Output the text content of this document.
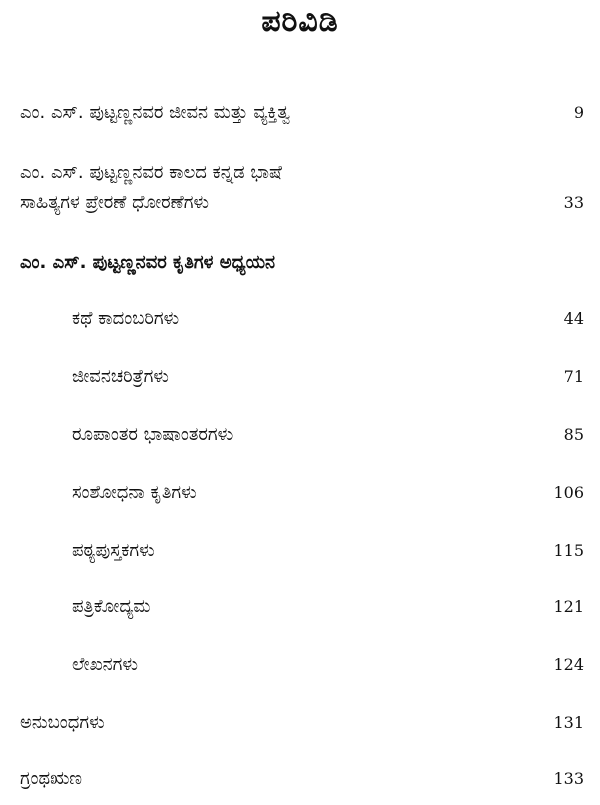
ಪರಿವಿಡಿ
ಎಂ. ಎಸ್. ಪುಟ್ಟಣ್ಣನವರ ಜೀವನ ಮತ್ತು ವ್ಯಕ್ತಿತ್ವ	9
ಎಂ. ಎಸ್. ಪುಟ್ಟಣ್ಣನವರ ಕಾಲದ ಕನ್ನಡ ಭಾಷೆ
ಸಾಹಿತ್ಯಗಳ ಪ್ರೇರಣೆ ಧೋರಣೆಗಳು	33
ಎಂ. ಎಸ್. ಪುಟ್ಟಣ್ಣನವರ ಕೃತಿಗಳ ಅಧ್ಯಯನ
ಕಥೆ ಕಾದಂಬರಿಗಳು	44
ಜೀವನಚರಿತ್ರೆಗಳು	71
ರೂಪಾಂತರ ಭಾಷಾಂತರಗಳು	85
ಸಂಶೋಧನಾ ಕೃತಿಗಳು	106
ಪಠ್ಯಪುಸ್ತಕಗಳು	115
ಪತ್ರಿಕೋದ್ಯಮ	121
ಲೇಖನಗಳು	124
ಅನುಬಂಧಗಳು	131
ಗ್ರಂಥಋಣ	133
